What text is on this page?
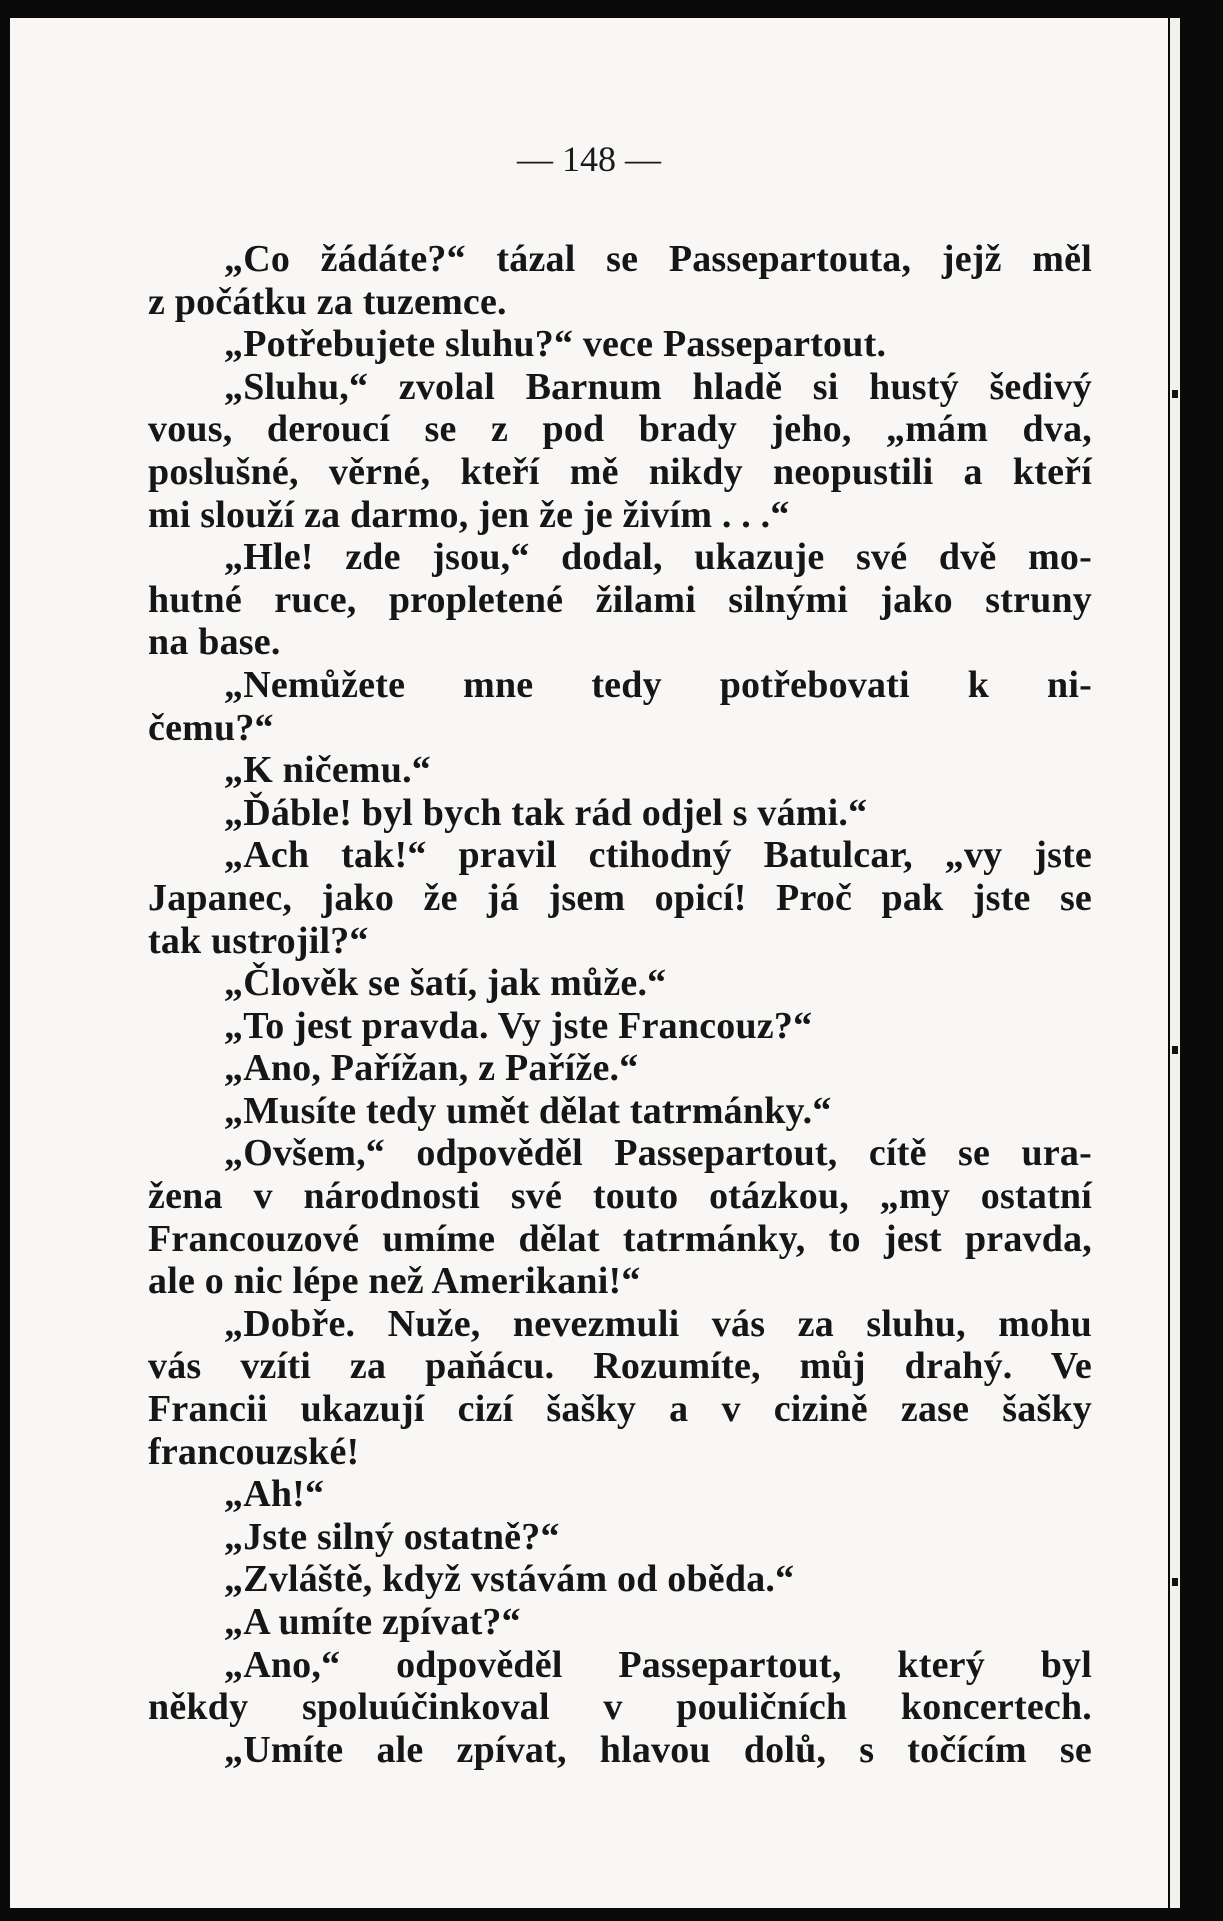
— 148 —
„Co žádáte?“ tázal se Passepartouta, jejž měl
z počátku za tuzemce.
„Potřebujete sluhu?“ vece Passepartout.
„Sluhu,“ zvolal Barnum hladě si hustý šedivý
vous, deroucí se z pod brady jeho, „mám dva,
poslušné, věrné, kteří mě nikdy neopustili a kteří
mi slouží za darmo, jen že je živím . . .“
„Hle! zde jsou,“ dodal, ukazuje své dvě mo-
hutné ruce, propletené žilami silnými jako struny
na base.
„Nemůžete mne tedy potřebovati k ni-
čemu?“
„K ničemu.“
„Ďáble! byl bych tak rád odjel s vámi.“
„Ach tak!“ pravil ctihodný Batulcar, „vy jste
Japanec, jako že já jsem opicí! Proč pak jste se
tak ustrojil?“
„Člověk se šatí, jak může.“
„To jest pravda. Vy jste Francouz?“
„Ano, Pařížan, z Paříže.“
„Musíte tedy umět dělat tatrmánky.“
„Ovšem,“ odpověděl Passepartout, cítě se ura-
žena v národnosti své touto otázkou, „my ostatní
Francouzové umíme dělat tatrmánky, to jest pravda,
ale o nic lépe než Amerikani!“
„Dobře. Nuže, nevezmuli vás za sluhu, mohu
vás vzíti za paňácu. Rozumíte, můj drahý. Ve
Francii ukazují cizí šašky a v cizině zase šašky
francouzské!
„Ah!“
„Jste silný ostatně?“
„Zvláště, když vstávám od oběda.“
„A umíte zpívat?“
„Ano,“ odpověděl Passepartout, který byl
někdy spoluúčinkoval v pouličních koncertech.
„Umíte ale zpívat, hlavou dolů, s točícím se
